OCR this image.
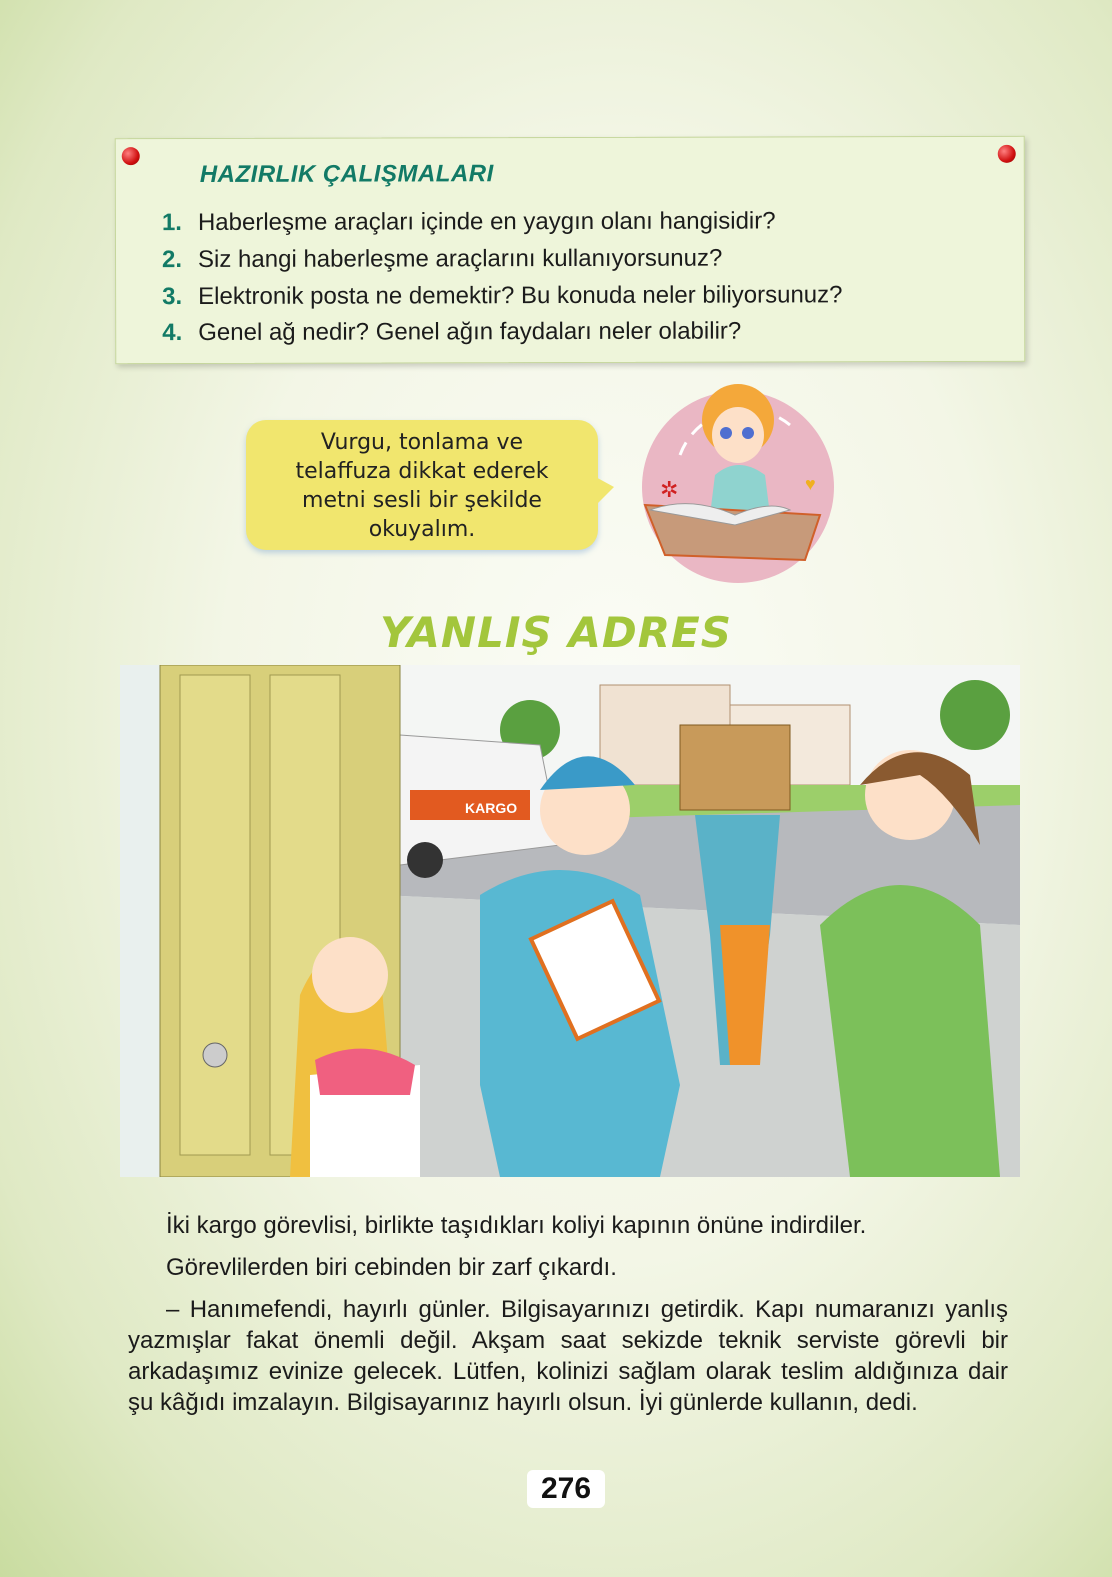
HAZIRLIK ÇALIŞMALARI
1. Haberleşme araçları içinde en yaygın olanı hangisidir?
2. Siz hangi haberleşme araçlarını kullanıyorsunuz?
3. Elektronik posta ne demektir? Bu konuda neler biliyorsunuz?
4. Genel ağ nedir? Genel ağın faydaları neler olabilir?
Vurgu, tonlama ve
telaffuza dikkat ederek
metni sesli bir şekilde
okuyalım.
✲	♥
YANLIŞ ADRES
KARGO
İki kargo görevlisi, birlikte taşıdıkları koliyi kapının önüne indirdiler.
Görevlilerden biri cebinden bir zarf çıkardı.
– Hanımefendi, hayırlı günler. Bilgisayarınızı getirdik. Kapı numaranızı yanlış yazmışlar fakat önemli değil. Akşam saat sekizde teknik serviste görevli bir arkadaşımız evinize gelecek. Lütfen, kolinizi sağlam olarak teslim aldığınıza dair şu kâğıdı imzalayın. Bilgisayarınız hayırlı olsun. İyi günlerde kullanın, dedi.
276
